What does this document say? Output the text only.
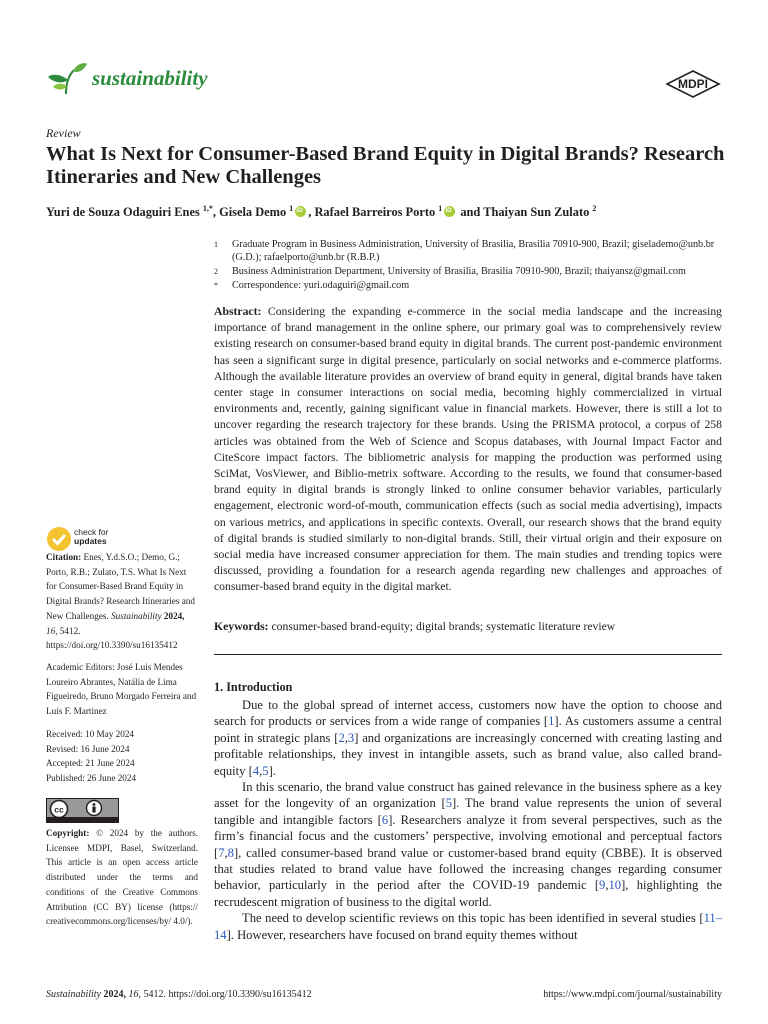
sustainability	MDPI
Review
What Is Next for Consumer-Based Brand Equity in Digital Brands? Research Itineraries and New Challenges
Yuri de Souza Odaguiri Enes $^{1,*}$, Gisela Demo $^1$iD , Rafael Barreiros Porto $^1$iD and Thaiyan Sun Zulato $^2$
1 Graduate Program in Business Administration, University of Brasilia, Brasilia 70910-900, Brazil; giselademo@unb.br (G.D.); rafaelporto@unb.br (R.B.P.)
2 Business Administration Department, University of Brasilia, Brasilia 70910-900, Brazil; thaiyansz@gmail.com
* Correspondence: yuri.odaguiri@gmail.com
Abstract: Considering the expanding e-commerce in the social media landscape and the increasing importance of brand management in the online sphere, our primary goal was to comprehensively review existing research on consumer-based brand equity in digital brands. The current post-pandemic environment has seen a significant surge in digital presence, particularly on social networks and e-commerce platforms. Although the available literature provides an overview of brand equity in general, digital brands have taken center stage in consumer interactions on social media, becoming highly commercialized in virtual environments and, recently, gaining significant value in financial markets. However, there is still a lot to uncover regarding the research trajectory for these brands. Using the PRISMA protocol, a corpus of 258 articles was obtained from the Web of Science and Scopus databases, with Journal Impact Factor and CiteScore impact factors. The bibliometric analysis for mapping the production was performed using SciMat, VosViewer, and Biblio-metrix software. According to the results, we found that consumer-based brand equity in digital brands is strongly linked to online consumer behavior variables, particularly engagement, electronic word-of-mouth, communication effects (such as social media advertising), impacts on various metrics, and applications in specific contexts. Overall, our research shows that the brand equity of digital brands is studied similarly to non-digital brands. Still, their virtual origin and their exposure on social media have increased consumer appreciation for them. The main studies and trending topics were discussed, providing a foundation for a research agenda regarding new challenges and approaches of consumer-based brand equity in the digital market.
Keywords: consumer-based brand-equity; digital brands; systematic literature review
check for
updates
Citation: Enes, Y.d.S.O.; Demo, G.; Porto, R.B.; Zulato, T.S. What Is Next for Consumer-Based Brand Equity in Digital Brands? Research Itineraries and New Challenges. Sustainability 2024, 16, 5412. https://doi.org/10.3390/su16135412
Academic Editors: José Luis Mendes Loureiro Abrantes, Natália de Lima Figueiredo, Bruno Morgado Ferreira and Luís F. Martinez
Received: 10 May 2024
Revised: 16 June 2024
Accepted: 21 June 2024
Published: 26 June 2024
cc
Copyright: © 2024 by the authors. Licensee MDPI, Basel, Switzerland. This article is an open access article distributed under the terms and conditions of the Creative Commons Attribution (CC BY) license (https:// creativecommons.org/licenses/by/ 4.0/).
1. Introduction

Due to the global spread of internet access, customers now have the option to choose and search for products or services from a wide range of companies [1]. As customers assume a central point in strategic plans [2,3] and organizations are increasingly concerned with creating lasting and profitable relationships, they invest in intangible assets, such as brand value, also called brand-equity [4,5].

In this scenario, the brand value construct has gained relevance in the business sphere as a key asset for the longevity of an organization [5]. The brand value represents the union of several tangible and intangible factors [6]. Researchers analyze it from several perspectives, such as the firm’s financial focus and the customers’ perspective, involving emotional and perceptual factors [7,8], called consumer-based brand value or customer-based brand equity (CBBE). It is observed that studies related to brand value have followed the increasing changes regarding consumer behavior, particularly in the period after the COVID-19 pandemic [9,10], highlighting the recrudescent migration of business to the digital world.

The need to develop scientific reviews on this topic has been identified in several studies [11–14]. However, researchers have focused on brand equity themes without

Sustainability 2024, 16, 5412. https://doi.org/10.3390/su16135412	https://www.mdpi.com/journal/sustainability
